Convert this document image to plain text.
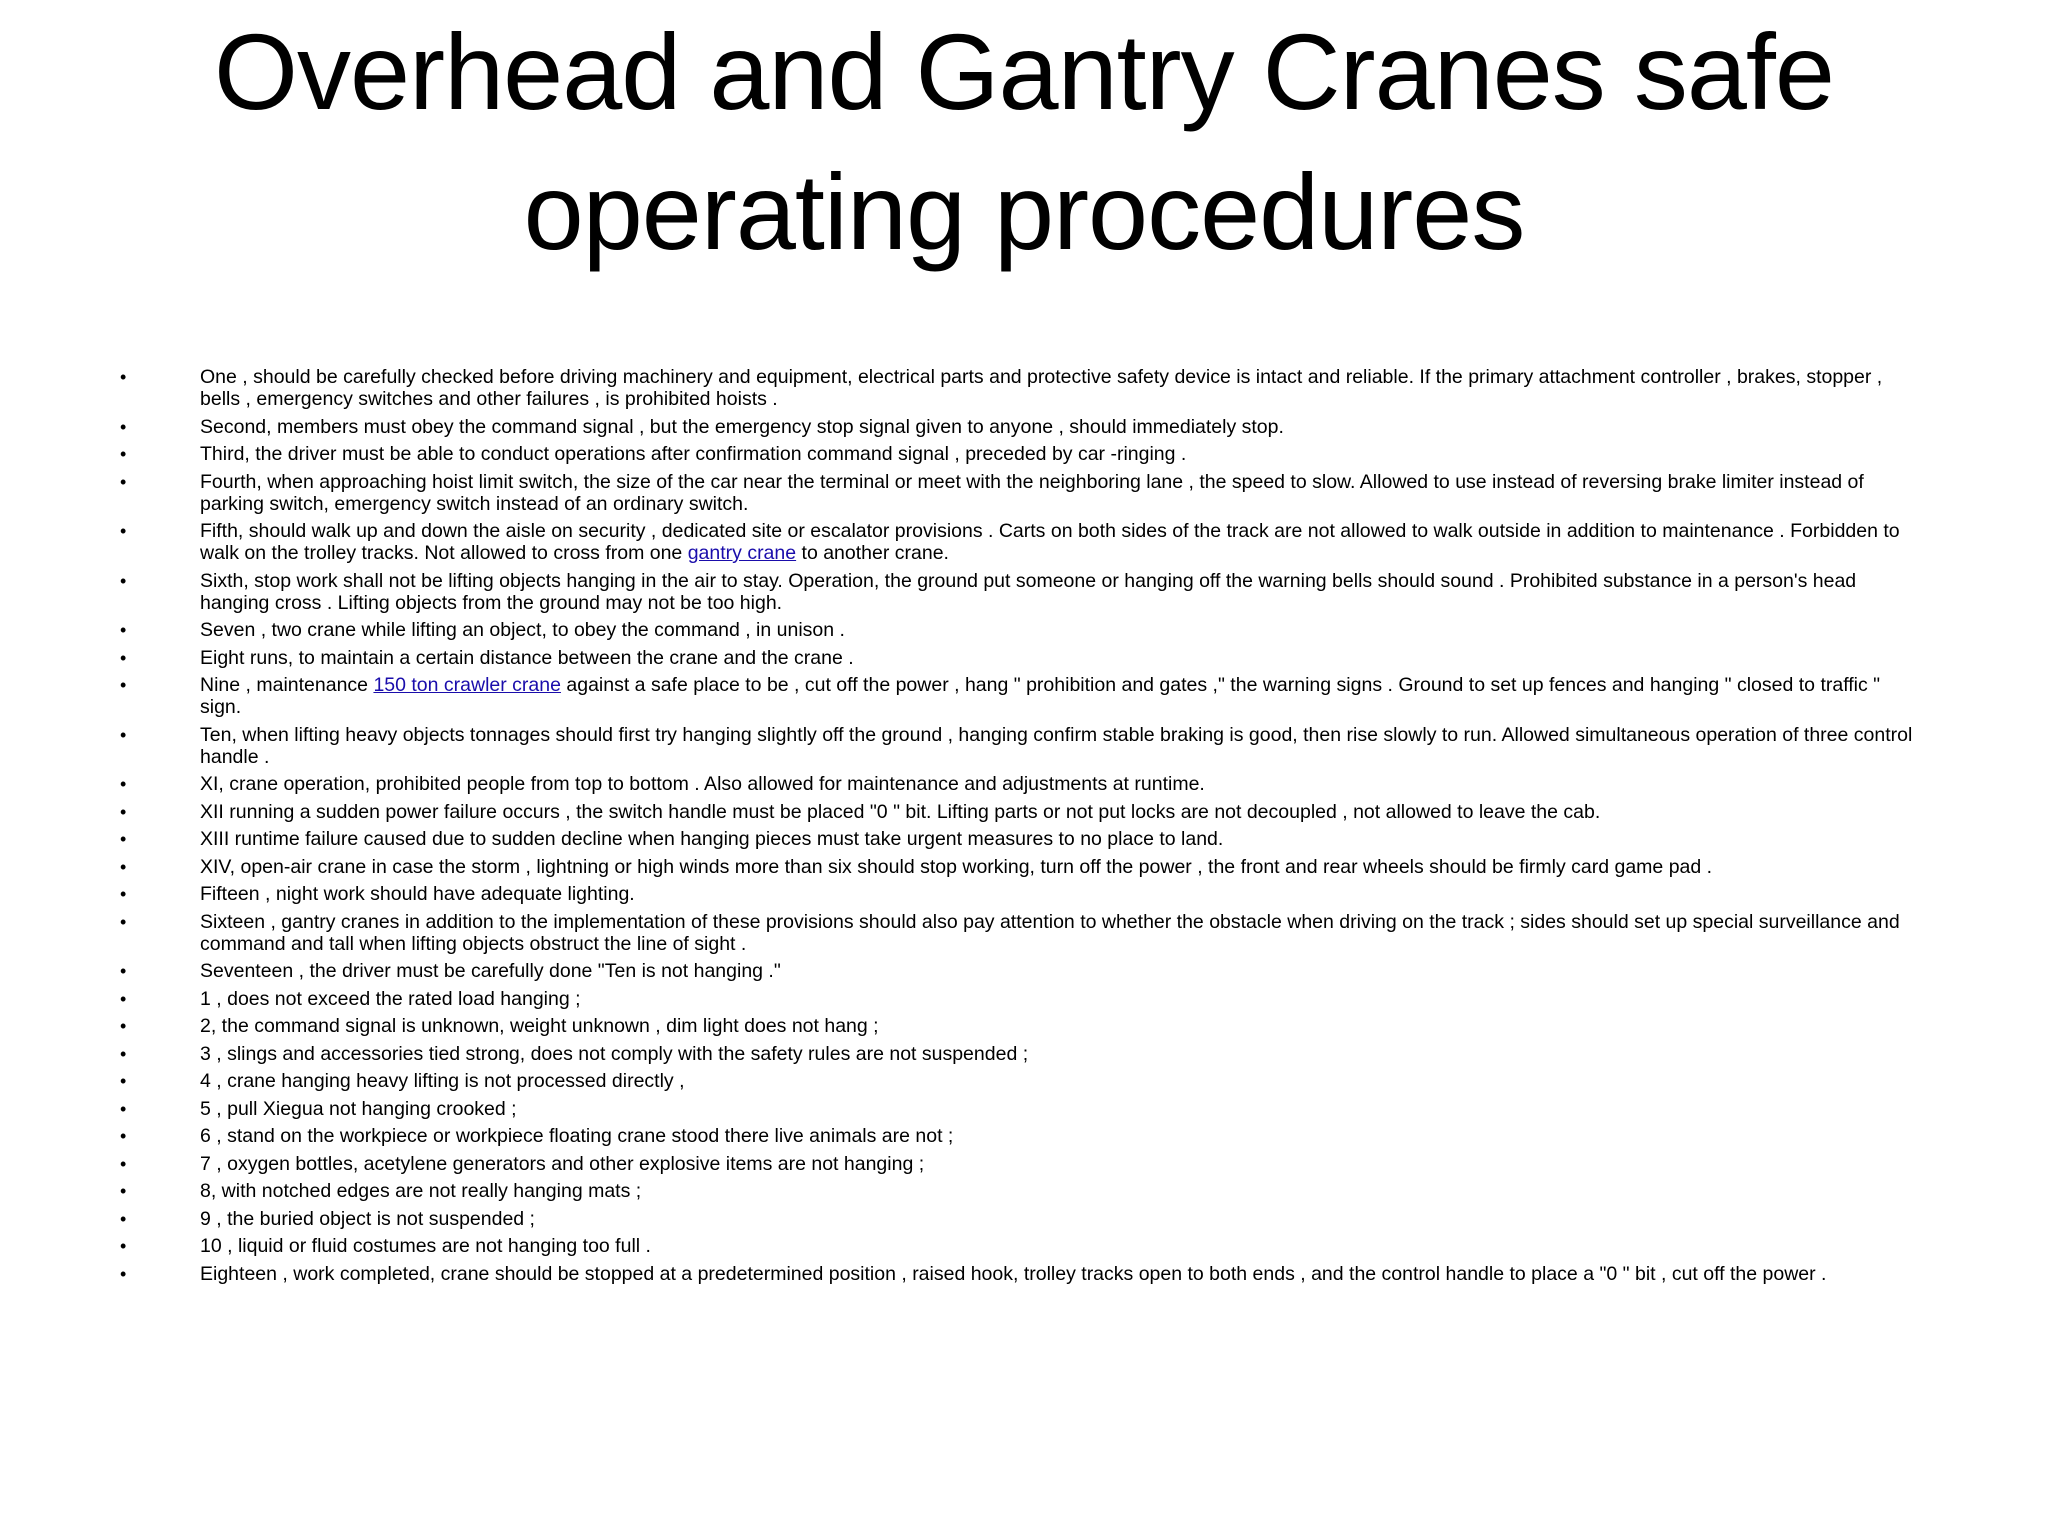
Overhead and Gantry Cranes safe
operating procedures
•	One , should be carefully checked before driving machinery and equipment, electrical parts and protective safety device is intact and reliable. If the primary attachment controller , brakes, stopper , bells , emergency switches and other failures , is prohibited hoists .
•	Second, members must obey the command signal , but the emergency stop signal given to anyone , should immediately stop.
•	Third, the driver must be able to conduct operations after confirmation command signal , preceded by car -ringing .
•	Fourth, when approaching hoist limit switch, the size of the car near the terminal or meet with the neighboring lane , the speed to slow. Allowed to use instead of reversing brake limiter instead of parking switch, emergency switch instead of an ordinary switch.
•	Fifth, should walk up and down the aisle on security , dedicated site or escalator provisions . Carts on both sides of the track are not allowed to walk outside in addition to maintenance . Forbidden to walk on the trolley tracks. Not allowed to cross from one gantry crane to another crane.
•	Sixth, stop work shall not be lifting objects hanging in the air to stay. Operation, the ground put someone or hanging off the warning bells should sound . Prohibited substance in a person's head hanging cross . Lifting objects from the ground may not be too high.
•	Seven , two crane while lifting an object, to obey the command , in unison .
•	Eight runs, to maintain a certain distance between the crane and the crane .
•	Nine , maintenance 150 ton crawler crane against a safe place to be , cut off the power , hang " prohibition and gates ," the warning signs . Ground to set up fences and hanging " closed to traffic " sign.
•	Ten, when lifting heavy objects tonnages should first try hanging slightly off the ground , hanging confirm stable braking is good, then rise slowly to run. Allowed simultaneous operation of three control handle .
•	XI, crane operation, prohibited people from top to bottom . Also allowed for maintenance and adjustments at runtime.
•	XII running a sudden power failure occurs , the switch handle must be placed "0 " bit. Lifting parts or not put locks are not decoupled , not allowed to leave the cab.
•	XIII runtime failure caused due to sudden decline when hanging pieces must take urgent measures to no place to land.
•	XIV, open-air crane in case the storm , lightning or high winds more than six should stop working, turn off the power , the front and rear wheels should be firmly card game pad .
•	Fifteen , night work should have adequate lighting.
•	Sixteen , gantry cranes in addition to the implementation of these provisions should also pay attention to whether the obstacle when driving on the track ; sides should set up special surveillance and command and tall when lifting objects obstruct the line of sight .
•	Seventeen , the driver must be carefully done "Ten is not hanging ."
•	1 , does not exceed the rated load hanging ;
•	2, the command signal is unknown, weight unknown , dim light does not hang ;
•	3 , slings and accessories tied strong, does not comply with the safety rules are not suspended ;
•	4 , crane hanging heavy lifting is not processed directly ,
•	5 , pull Xiegua not hanging crooked ;
•	6 , stand on the workpiece or workpiece floating crane stood there live animals are not ;
•	7 , oxygen bottles, acetylene generators and other explosive items are not hanging ;
•	8, with notched edges are not really hanging mats ;
•	9 , the buried object is not suspended ;
•	10 , liquid or fluid costumes are not hanging too full .
•	Eighteen , work completed, crane should be stopped at a predetermined position , raised hook, trolley tracks open to both ends , and the control handle to place a "0 " bit , cut off the power .
